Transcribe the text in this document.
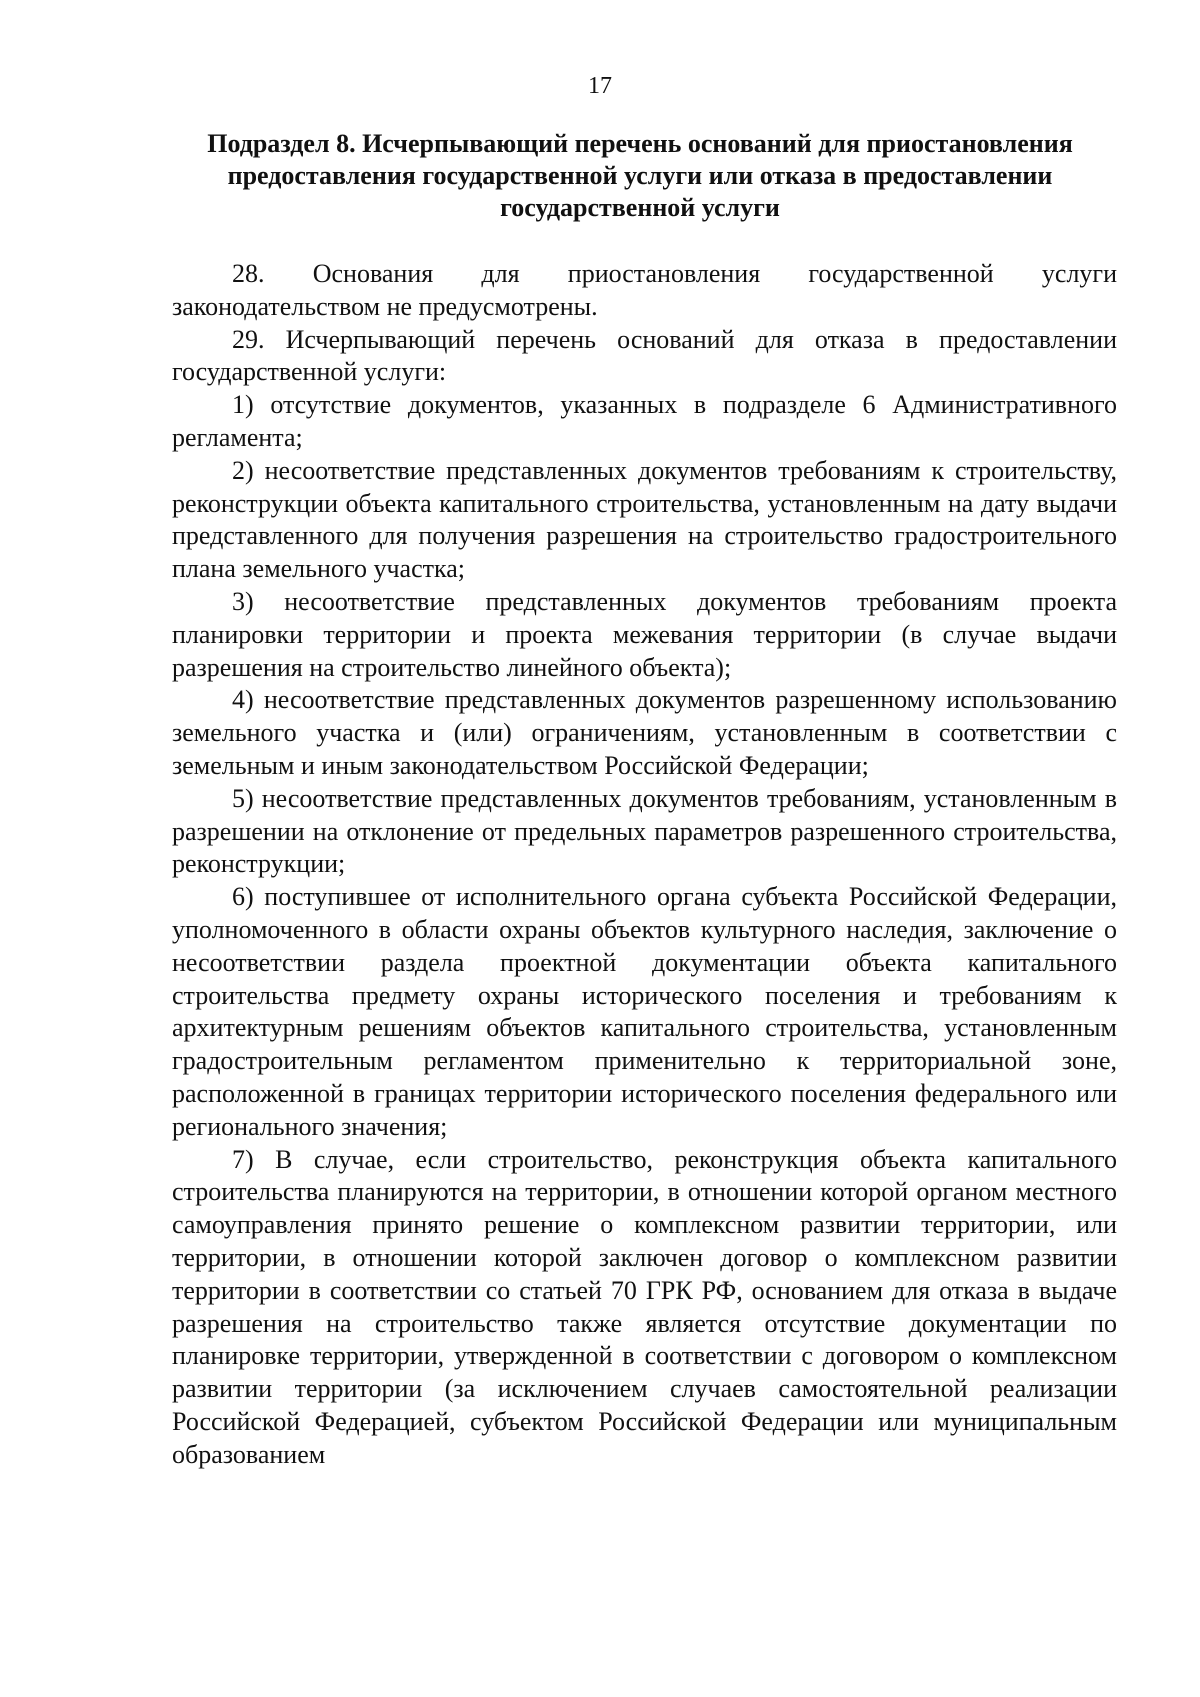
17
Подраздел 8. Исчерпывающий перечень оснований для приостановления предоставления государственной услуги или отказа в предоставлении государственной услуги

28. Основания для приостановления государственной услуги законодательством не предусмотрены.

29. Исчерпывающий перечень оснований для отказа в предоставлении государственной услуги:

1) отсутствие документов, указанных в подразделе 6 Административного регламента;

2) несоответствие представленных документов требованиям к строительству, реконструкции объекта капитального строительства, установленным на дату выдачи представленного для получения разрешения на строительство градостроительного плана земельного участка;

3) несоответствие представленных документов требованиям проекта планировки территории и проекта межевания территории (в случае выдачи разрешения на строительство линейного объекта);

4) несоответствие представленных документов разрешенному использованию земельного участка и (или) ограничениям, установленным в соответствии с земельным и иным законодательством Российской Федерации;

5) несоответствие представленных документов требованиям, установленным в разрешении на отклонение от предельных параметров разрешенного строительства, реконструкции;

6) поступившее от исполнительного органа субъекта Российской Федерации, уполномоченного в области охраны объектов культурного наследия, заключение о несоответствии раздела проектной документации объекта капитального строительства предмету охраны исторического поселения и требованиям к архитектурным решениям объектов капитального строительства, установленным градостроительным регламентом применительно к территориальной зоне, расположенной в границах территории исторического поселения федерального или регионального значения;

7) В случае, если строительство, реконструкция объекта капитального строительства планируются на территории, в отношении которой органом местного самоуправления принято решение о комплексном развитии территории, или территории, в отношении которой заключен договор о комплексном развитии территории в соответствии со статьей 70 ГРК РФ, основанием для отказа в выдаче разрешения на строительство также является отсутствие документации по планировке территории, утвержденной в соответствии с договором о комплексном развитии территории (за исключением случаев самостоятельной реализации Российской Федерацией, субъектом Российской Федерации или муниципальным образованием
